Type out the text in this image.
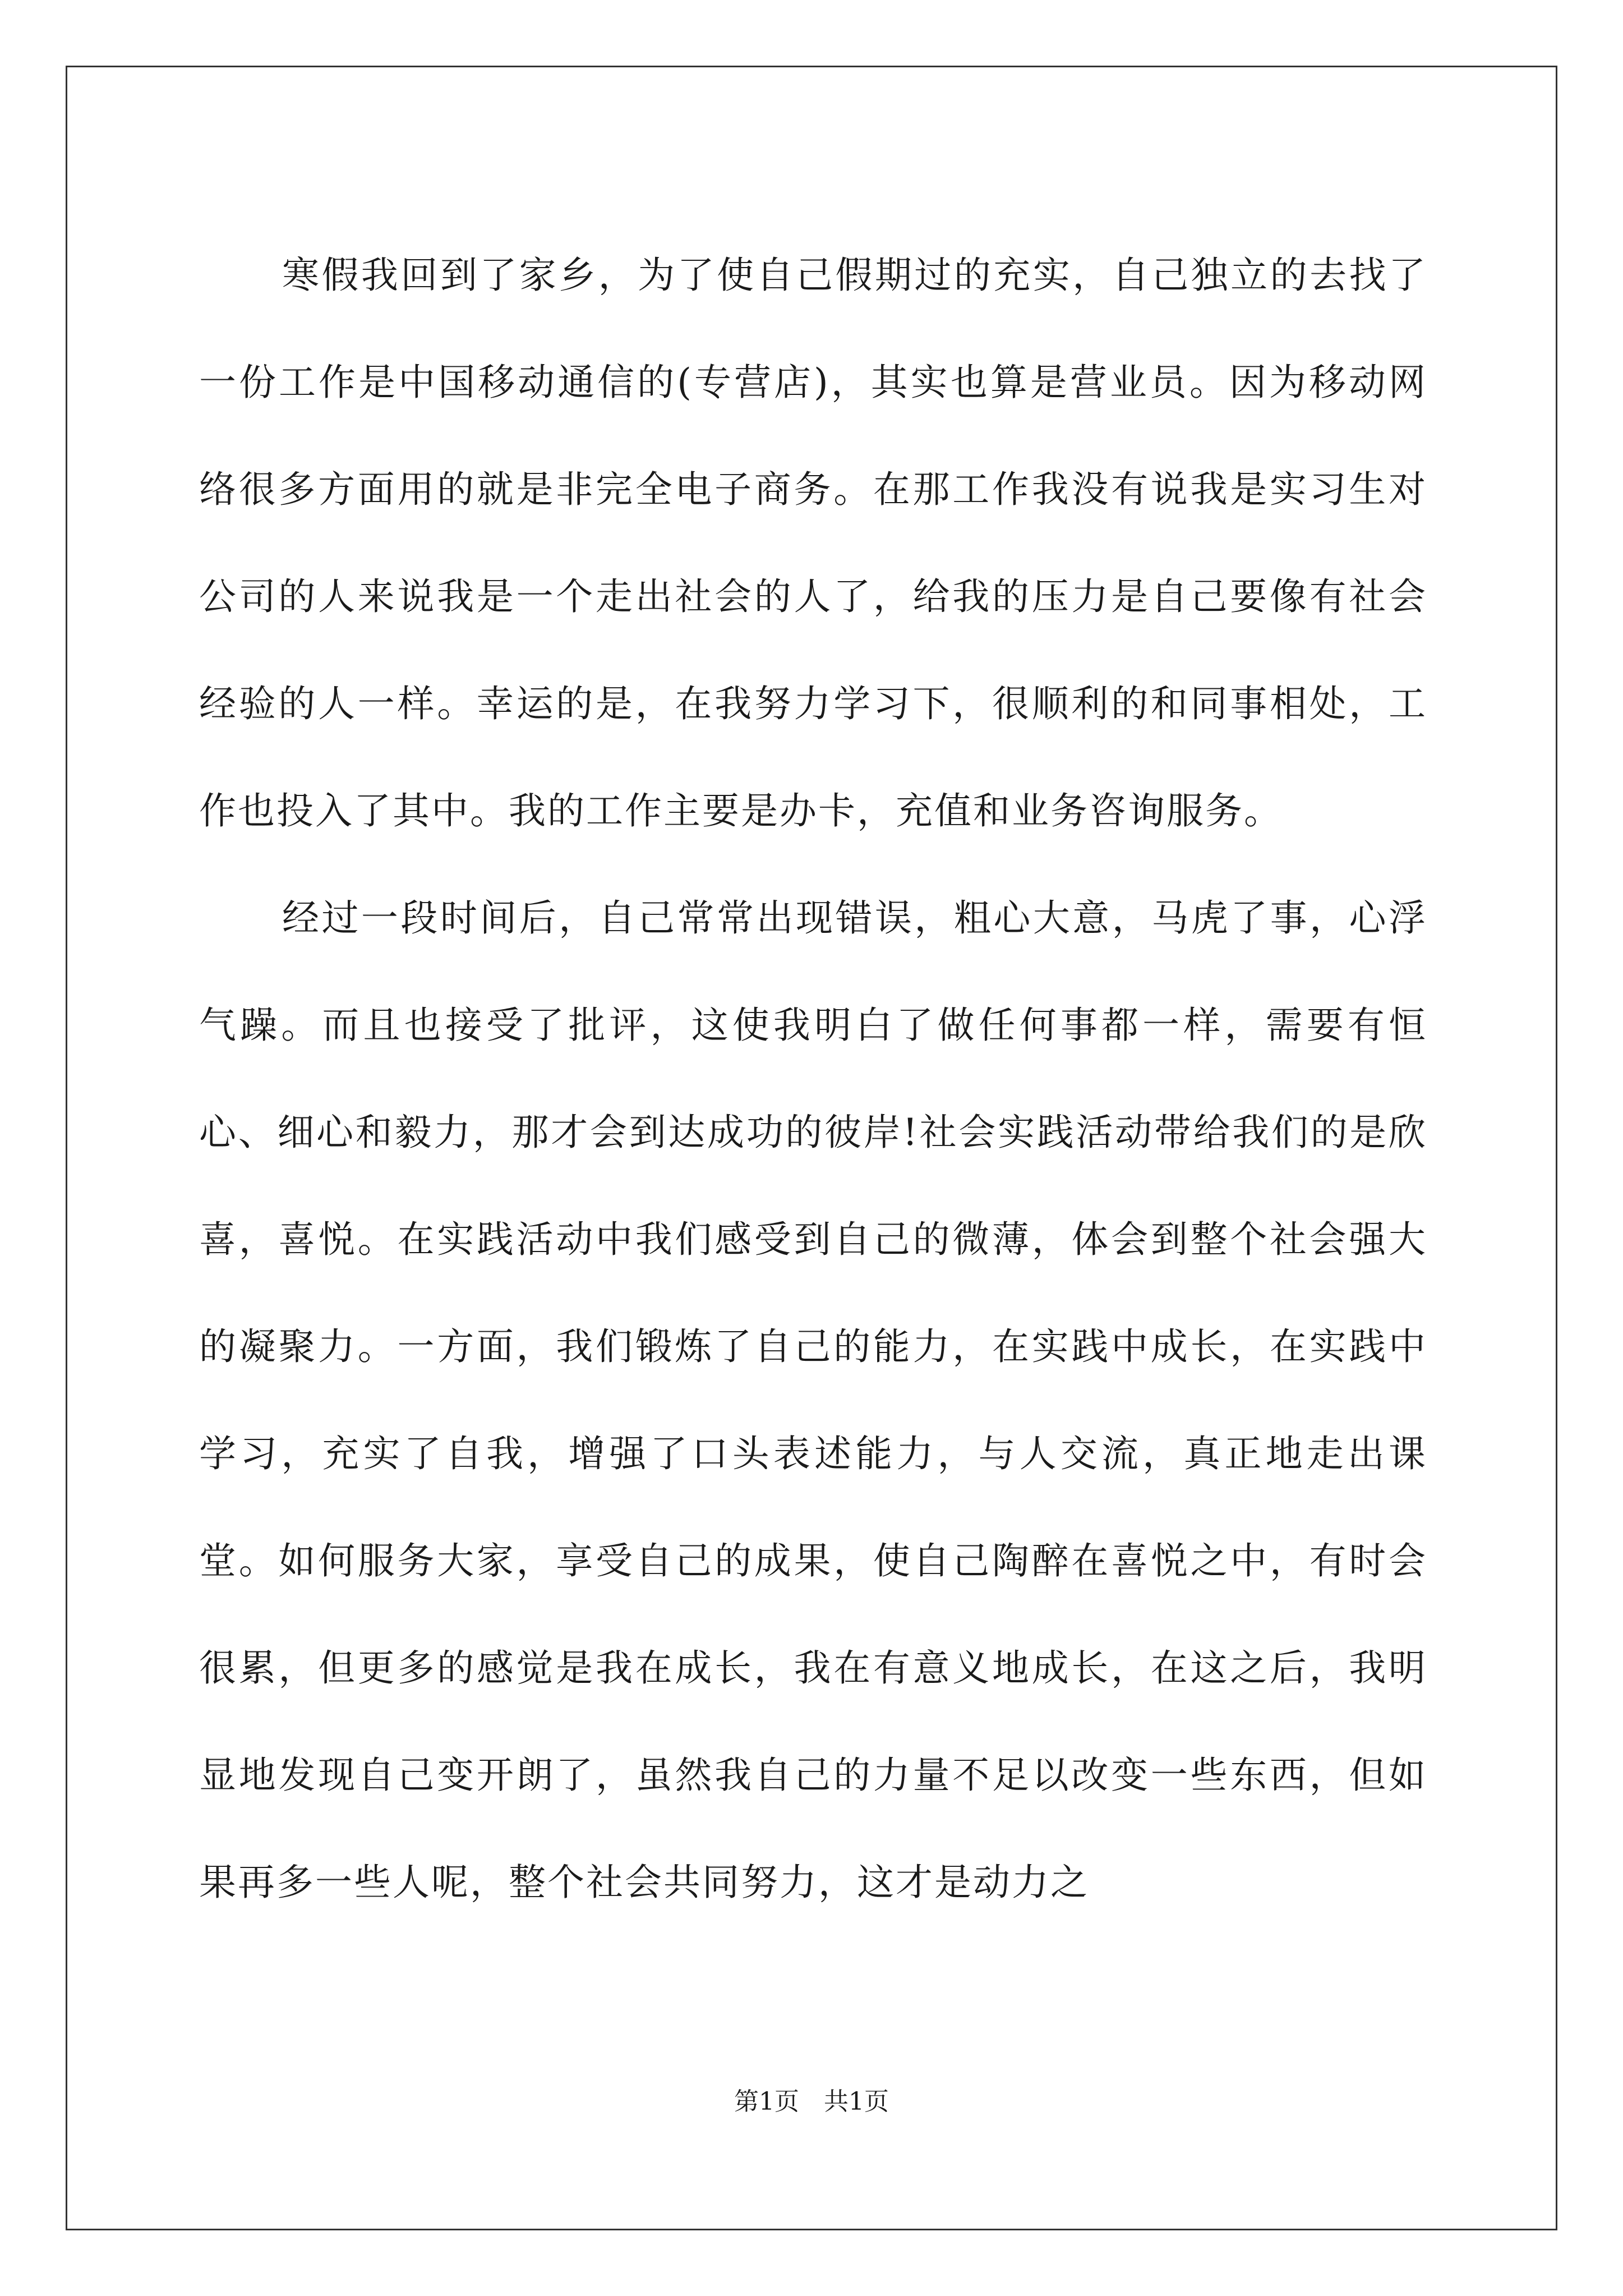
寒假我回到了家乡，为了使自己假期过的充实，自己独立的去找了一份工作是中国移动通信的(专营店)，其实也算是营业员。因为移动网络很多方面用的就是非完全电子商务。在那工作我没有说我是实习生对公司的人来说我是一个走出社会的人了，给我的压力是自己要像有社会经验的人一样。幸运的是，在我努力学习下，很顺利的和同事相处，工作也投入了其中。我的工作主要是办卡，充值和业务咨询服务。

经过一段时间后，自己常常出现错误，粗心大意，马虎了事，心浮气躁。而且也接受了批评，这使我明白了做任何事都一样，需要有恒心、细心和毅力，那才会到达成功的彼岸!社会实践活动带给我们的是欣喜，喜悦。在实践活动中我们感受到自己的微薄，体会到整个社会强大的凝聚力。一方面，我们锻炼了自己的能力，在实践中成长，在实践中学习，充实了自我，增强了口头表述能力，与人交流，真正地走出课堂。如何服务大家，享受自己的成果，使自己陶醉在喜悦之中，有时会很累，但更多的感觉是我在成长，我在有意义地成长，在这之后，我明显地发现自己变开朗了，虽然我自己的力量不足以改变一些东西，但如果再多一些人呢，整个社会共同努力，这才是动力之

第1页　共1页
